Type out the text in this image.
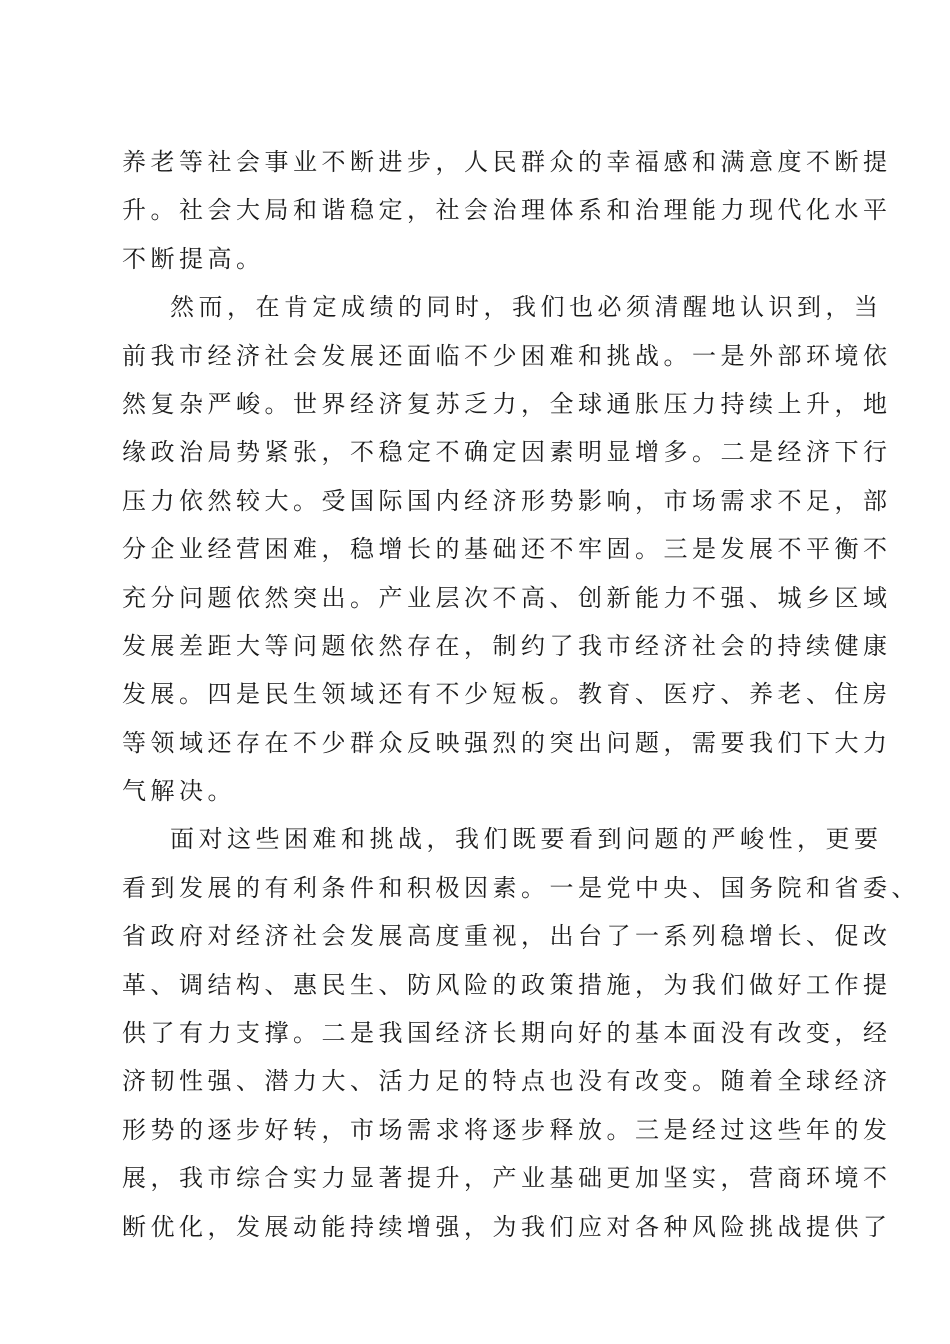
养老等社会事业不断进步，人民群众的幸福感和满意度不断提

升。社会大局和谐稳定，社会治理体系和治理能力现代化水平

不断提高。

然而，在肯定成绩的同时，我们也必须清醒地认识到，当

前我市经济社会发展还面临不少困难和挑战。一是外部环境依

然复杂严峻。世界经济复苏乏力，全球通胀压力持续上升，地

缘政治局势紧张，不稳定不确定因素明显增多。二是经济下行

压力依然较大。受国际国内经济形势影响，市场需求不足，部

分企业经营困难，稳增长的基础还不牢固。三是发展不平衡不

充分问题依然突出。产业层次不高、创新能力不强、城乡区域

发展差距大等问题依然存在，制约了我市经济社会的持续健康

发展。四是民生领域还有不少短板。教育、医疗、养老、住房

等领域还存在不少群众反映强烈的突出问题，需要我们下大力

气解决。

面对这些困难和挑战，我们既要看到问题的严峻性，更要

看到发展的有利条件和积极因素。一是党中央、国务院和省委、

省政府对经济社会发展高度重视，出台了一系列稳增长、促改

革、调结构、惠民生、防风险的政策措施，为我们做好工作提

供了有力支撑。二是我国经济长期向好的基本面没有改变，经

济韧性强、潜力大、活力足的特点也没有改变。随着全球经济

形势的逐步好转，市场需求将逐步释放。三是经过这些年的发

展，我市综合实力显著提升，产业基础更加坚实，营商环境不

断优化，发展动能持续增强，为我们应对各种风险挑战提供了
